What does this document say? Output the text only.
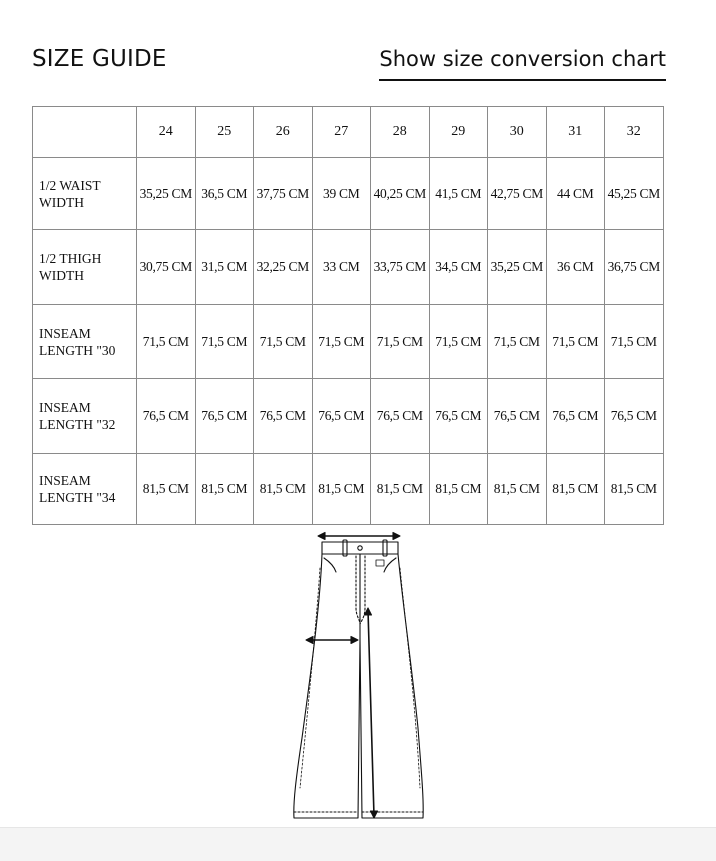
SIZE GUIDE	Show size conversion chart
	24	25	26	27	28	29	30	31	32
1/2 WAIST WIDTH	35,25 CM	36,5 CM	37,75 CM	39 CM	40,25 CM	41,5 CM	42,75 CM	44 CM	45,25 CM
1/2 THIGH WIDTH	30,75 CM	31,5 CM	32,25 CM	33 CM	33,75 CM	34,5 CM	35,25 CM	36 CM	36,75 CM
INSEAM LENGTH "30	71,5 CM	71,5 CM	71,5 CM	71,5 CM	71,5 CM	71,5 CM	71,5 CM	71,5 CM	71,5 CM
INSEAM LENGTH "32	76,5 CM	76,5 CM	76,5 CM	76,5 CM	76,5 CM	76,5 CM	76,5 CM	76,5 CM	76,5 CM
INSEAM LENGTH "34	81,5 CM	81,5 CM	81,5 CM	81,5 CM	81,5 CM	81,5 CM	81,5 CM	81,5 CM	81,5 CM
